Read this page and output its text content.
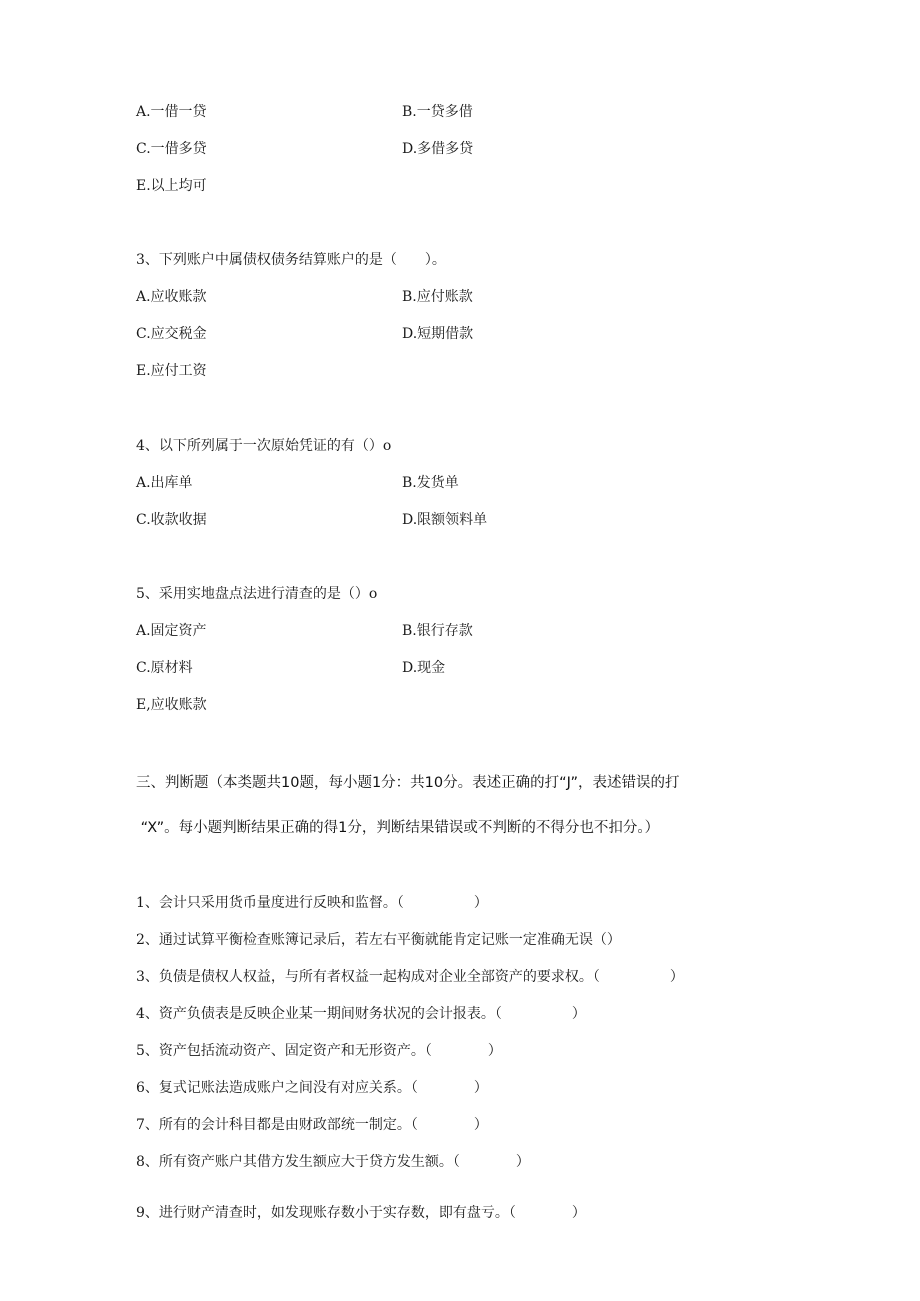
A.一借一贷	B.一贷多借
C.一借多贷	D.多借多贷
E.以上均可
3、下列账户中属债权债务结算账户的是（　　）。
A.应收账款	B.应付账款
C.应交税金	D.短期借款
E.应付工资
4、以下所列属于一次原始凭证的有（）o
A.出库单	B.发货单
C.收款收据	D.限额领料单
5、采用实地盘点法进行清查的是（）o
A.固定资产	B.银行存款
C.原材料	D.现金
E,应收账款
三、判断题（本类题共10题，每小题1分：共10分。表述正确的打“J”，表述错误的打
“X”。每小题判断结果正确的得1分，判断结果错误或不判断的不得分也不扣分。）
1、会计只采用货币量度进行反映和监督。（　　　　　）
2、通过试算平衡检查账簿记录后，若左右平衡就能肯定记账一定准确无误（）
3、负债是债权人权益，与所有者权益一起构成对企业全部资产的要求权。（　　　　　）
4、资产负债表是反映企业某一期间财务状况的会计报表。（　　　　　）
5、资产包括流动资产、固定资产和无形资产。（　　　　）
6、复式记账法造成账户之间没有对应关系。（　　　　）
7、所有的会计科目都是由财政部统一制定。（　　　　）
8、所有资产账户其借方发生额应大于贷方发生额。（　　　　）
9、进行财产清查时，如发现账存数小于实存数，即有盘亏。（　　　　）
